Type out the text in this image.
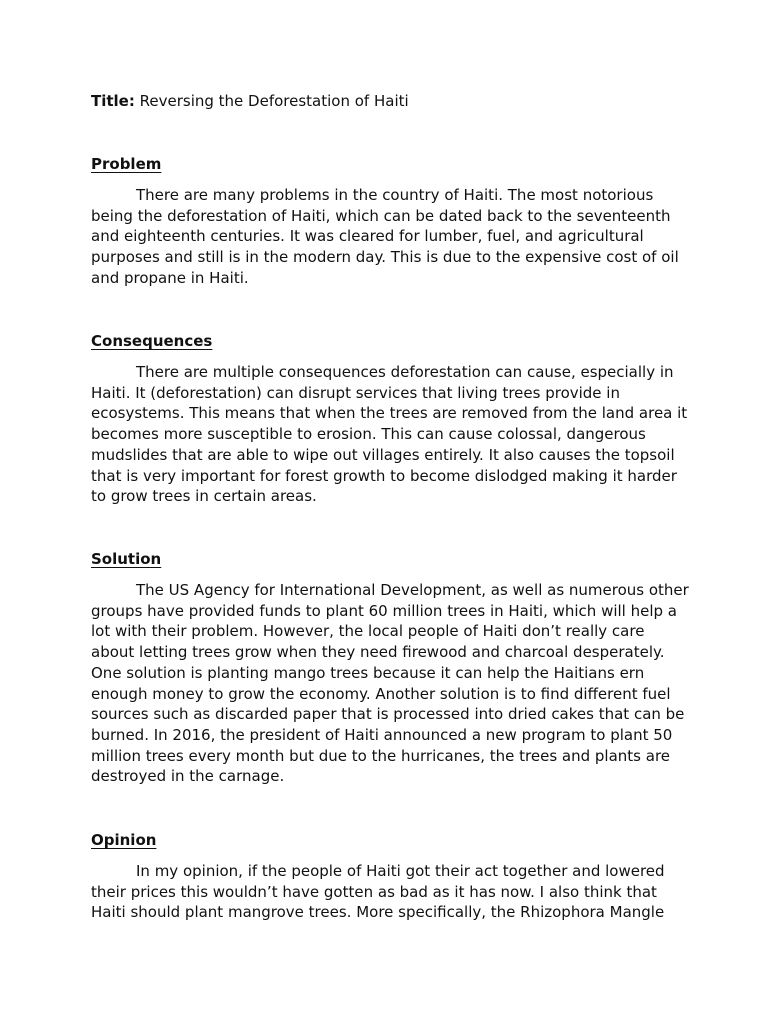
Title: Reversing the Deforestation of Haiti

Problem

There are many problems in the country of Haiti. The most notorious being the deforestation of Haiti, which can be dated back to the seventeenth and eighteenth centuries. It was cleared for lumber, fuel, and agricultural purposes and still is in the modern day. This is due to the expensive cost of oil and propane in Haiti.

Consequences

There are multiple consequences deforestation can cause, especially in Haiti. It (deforestation) can disrupt services that living trees provide in ecosystems. This means that when the trees are removed from the land area it becomes more susceptible to erosion. This can cause colossal, dangerous mudslides that are able to wipe out villages entirely. It also causes the topsoil that is very important for forest growth to become dislodged making it harder to grow trees in certain areas.

Solution

The US Agency for International Development, as well as numerous other groups have provided funds to plant 60 million trees in Haiti, which will help a lot with their problem. However, the local people of Haiti don’t really care about letting trees grow when they need firewood and charcoal desperately. One solution is planting mango trees because it can help the Haitians ern enough money to grow the economy. Another solution is to find different fuel sources such as discarded paper that is processed into dried cakes that can be burned. In 2016, the president of Haiti announced a new program to plant 50 million trees every month but due to the hurricanes, the trees and plants are destroyed in the carnage.

Opinion

In my opinion, if the people of Haiti got their act together and lowered their prices this wouldn’t have gotten as bad as it has now. I also think that Haiti should plant mangrove trees. More specifically, the Rhizophora Mangle
